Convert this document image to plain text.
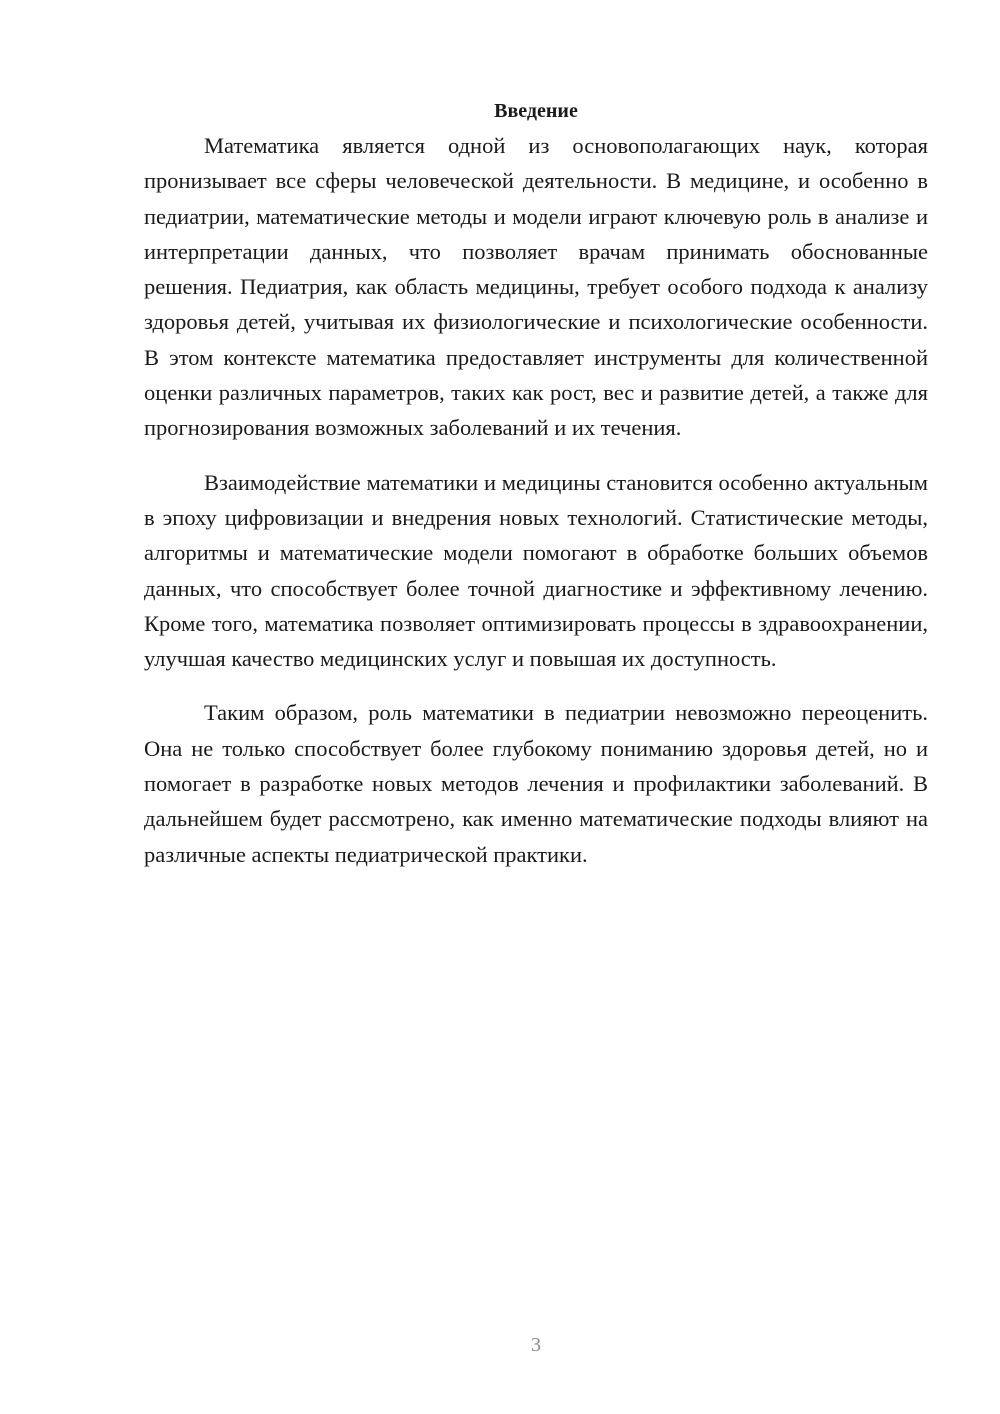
Введение

Математика является одной из основополагающих наук, которая пронизывает все сферы человеческой деятельности. В медицине, и особенно в педиатрии, математические методы и модели играют ключевую роль в анализе и интерпретации данных, что позволяет врачам принимать обоснованные решения. Педиатрия, как область медицины, требует особого подхода к анализу здоровья детей, учитывая их физиологические и психологические особенности. В этом контексте математика предоставляет инструменты для количественной оценки различных параметров, таких как рост, вес и развитие детей, а также для прогнозирования возможных заболеваний и их течения.

Взаимодействие математики и медицины становится особенно актуальным в эпоху цифровизации и внедрения новых технологий. Статистические методы, алгоритмы и математические модели помогают в обработке больших объемов данных, что способствует более точной диагностике и эффективному лечению. Кроме того, математика позволяет оптимизировать процессы в здравоохранении, улучшая качество медицинских услуг и повышая их доступность.

Таким образом, роль математики в педиатрии невозможно переоценить. Она не только способствует более глубокому пониманию здоровья детей, но и помогает в разработке новых методов лечения и профилактики заболеваний. В дальнейшем будет рассмотрено, как именно математические подходы влияют на различные аспекты педиатрической практики.

3
